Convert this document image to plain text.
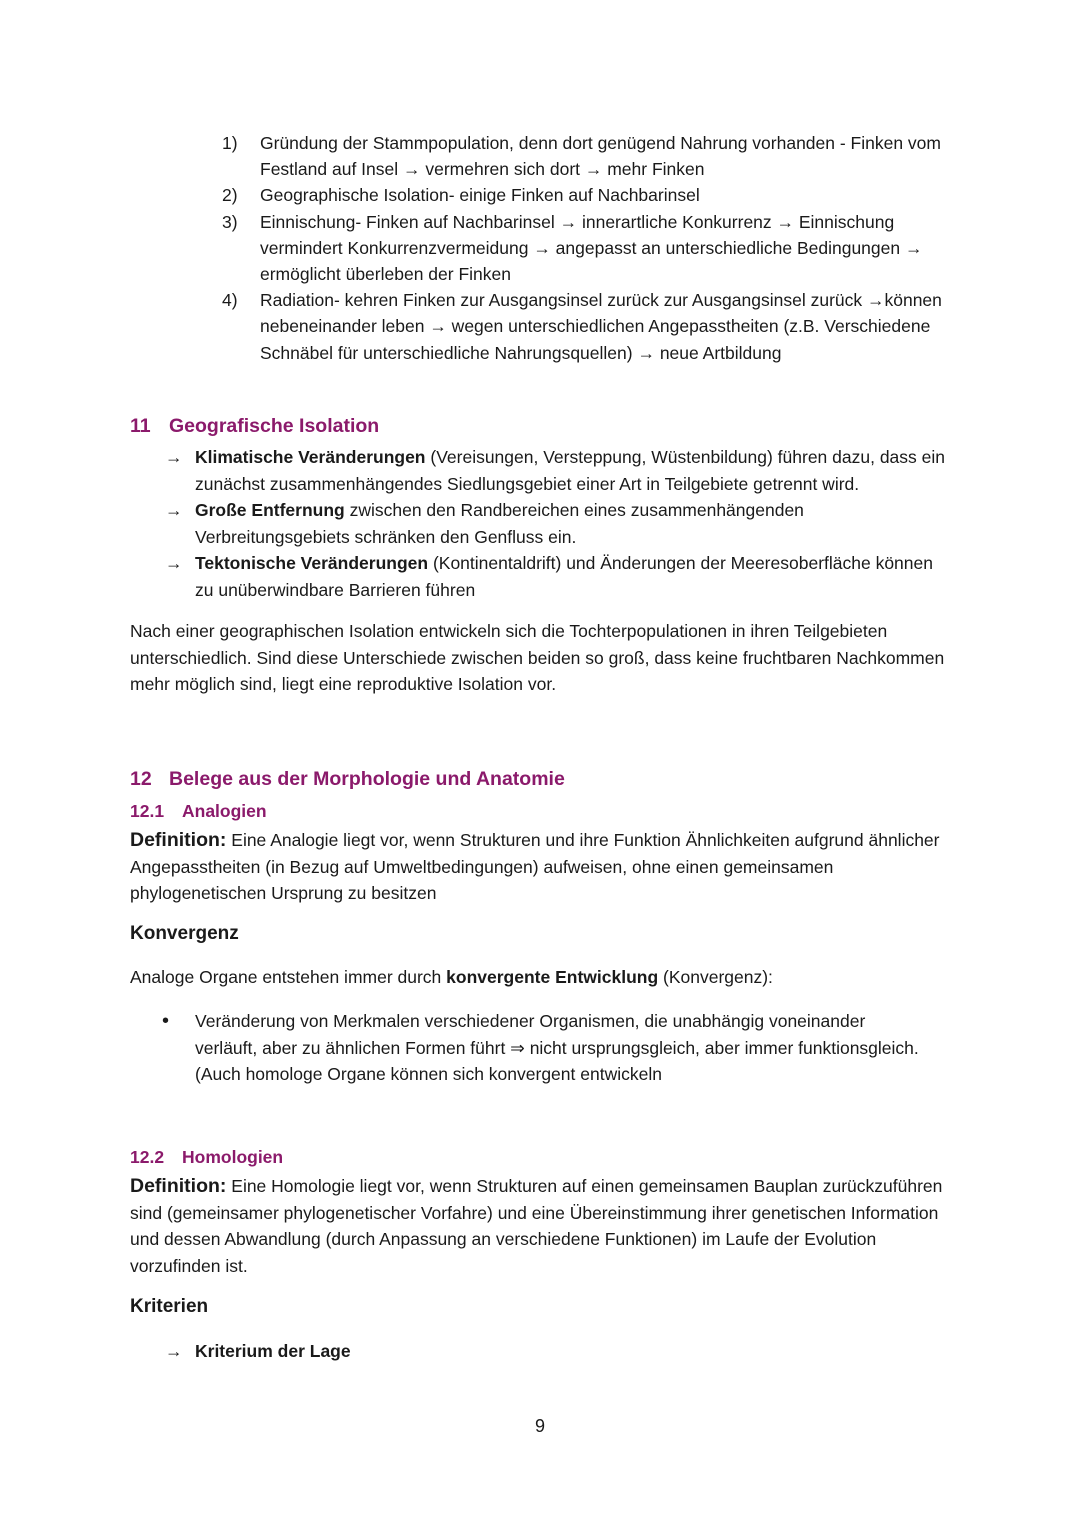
1)	Gründung der Stammpopulation, denn dort genügend Nahrung vorhanden - Finken vom Festland auf Insel → vermehren sich dort → mehr Finken
2)	Geographische Isolation- einige Finken auf Nachbarinsel
3)	Einnischung- Finken auf Nachbarinsel → innerartliche Konkurrenz → Einnischung vermindert Konkurrenzvermeidung → angepasst an unterschiedliche Bedingungen → ermöglicht überleben der Finken
4)	Radiation- kehren Finken zur Ausgangsinsel zurück zur Ausgangsinsel zurück →können nebeneinander leben → wegen unterschiedlichen Angepasstheiten (z.B. Verschiedene Schnäbel für unterschiedliche Nahrungsquellen) → neue Artbildung
11 Geografische Isolation
→ Klimatische Veränderungen (Vereisungen, Versteppung, Wüstenbildung) führen dazu, dass ein zunächst zusammenhängendes Siedlungsgebiet einer Art in Teilgebiete getrennt wird.
→ Große Entfernung zwischen den Randbereichen eines zusammenhängenden Verbreitungsgebiets schränken den Genfluss ein.
→ Tektonische Veränderungen (Kontinentaldrift) und Änderungen der Meeresoberfläche können zu unüberwindbare Barrieren führen
Nach einer geographischen Isolation entwickeln sich die Tochterpopulationen in ihren Teilgebieten unterschiedlich. Sind diese Unterschiede zwischen beiden so groß, dass keine fruchtbaren Nachkommen mehr möglich sind, liegt eine reproduktive Isolation vor.
12 Belege aus der Morphologie und Anatomie
12.1 Analogien
Definition: Eine Analogie liegt vor, wenn Strukturen und ihre Funktion Ähnlichkeiten aufgrund ähnlicher Angepasstheiten (in Bezug auf Umweltbedingungen) aufweisen, ohne einen gemeinsamen phylogenetischen Ursprung zu besitzen
Konvergenz
Analoge Organe entstehen immer durch konvergente Entwicklung (Konvergenz):
•	Veränderung von Merkmalen verschiedener Organismen, die unabhängig voneinander verläuft, aber zu ähnlichen Formen führt ⇒ nicht ursprungsgleich, aber immer funktionsgleich. (Auch homologe Organe können sich konvergent entwickeln
12.2 Homologien
Definition: Eine Homologie liegt vor, wenn Strukturen auf einen gemeinsamen Bauplan zurückzuführen sind (gemeinsamer phylogenetischer Vorfahre) und eine Übereinstimmung ihrer genetischen Information und dessen Abwandlung (durch Anpassung an verschiedene Funktionen) im Laufe der Evolution vorzufinden ist.
Kriterien
→ Kriterium der Lage
9
